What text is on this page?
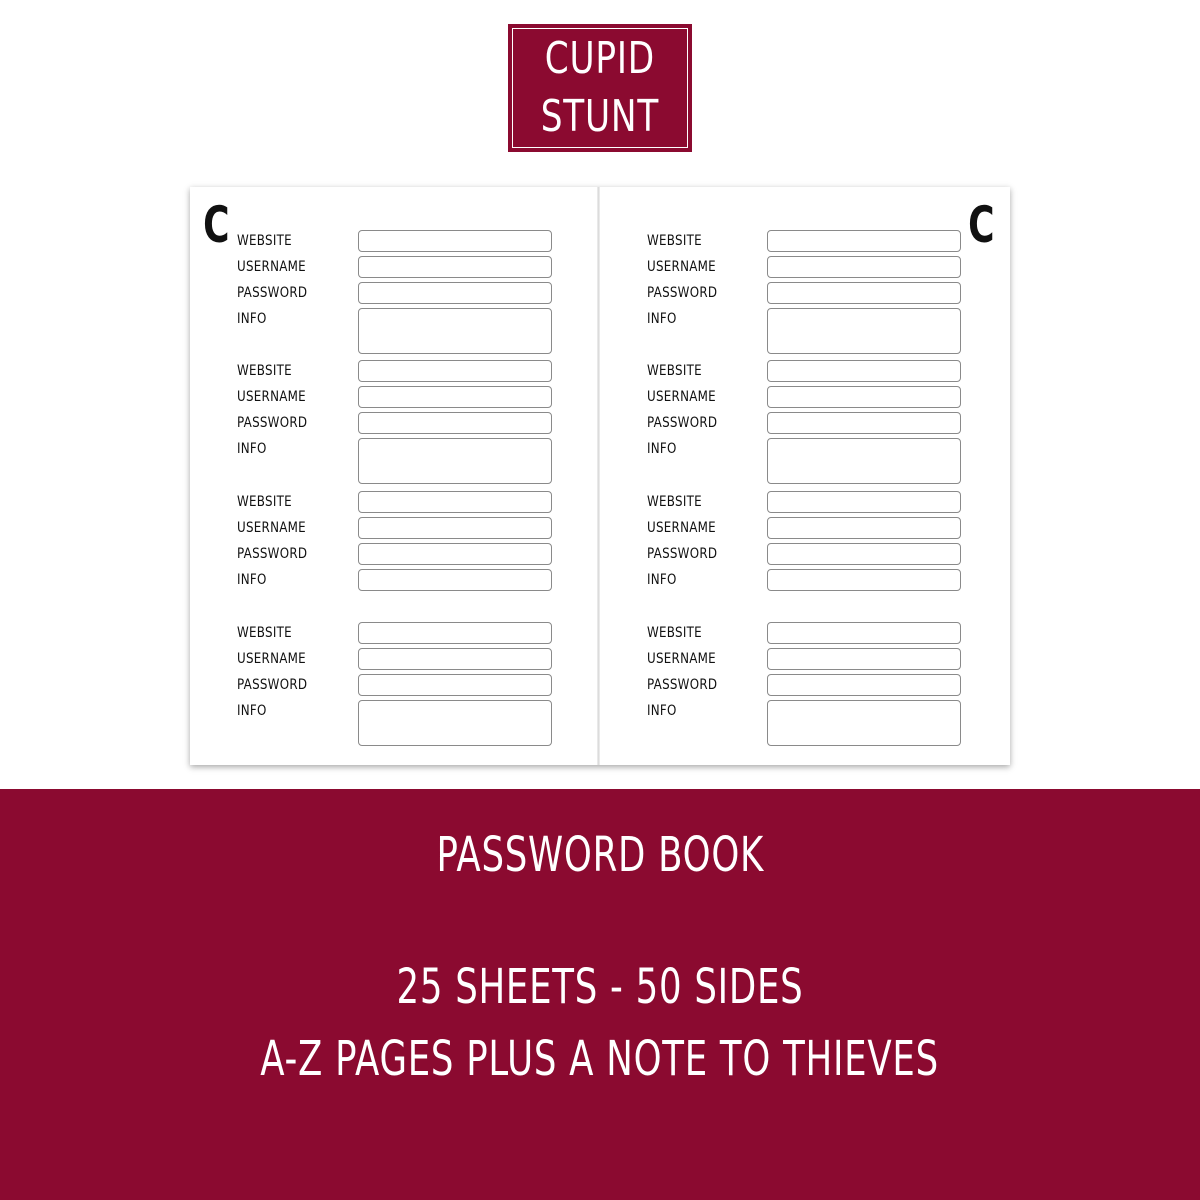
CUPID
STUNT
C WEBSITE
USERNAME
PASSWORD
INFO
WEBSITE
USERNAME
PASSWORD
INFO
WEBSITE
USERNAME
PASSWORD
INFO
WEBSITE
USERNAME
PASSWORD
INFO
C
WEBSITE
USERNAME
PASSWORD
INFO
WEBSITE
USERNAME
PASSWORD
INFO
WEBSITE
USERNAME
PASSWORD
INFO
WEBSITE
USERNAME
PASSWORD
INFO
PASSWORD BOOK
25 SHEETS - 50 SIDES
A-Z PAGES PLUS A NOTE TO THIEVES
